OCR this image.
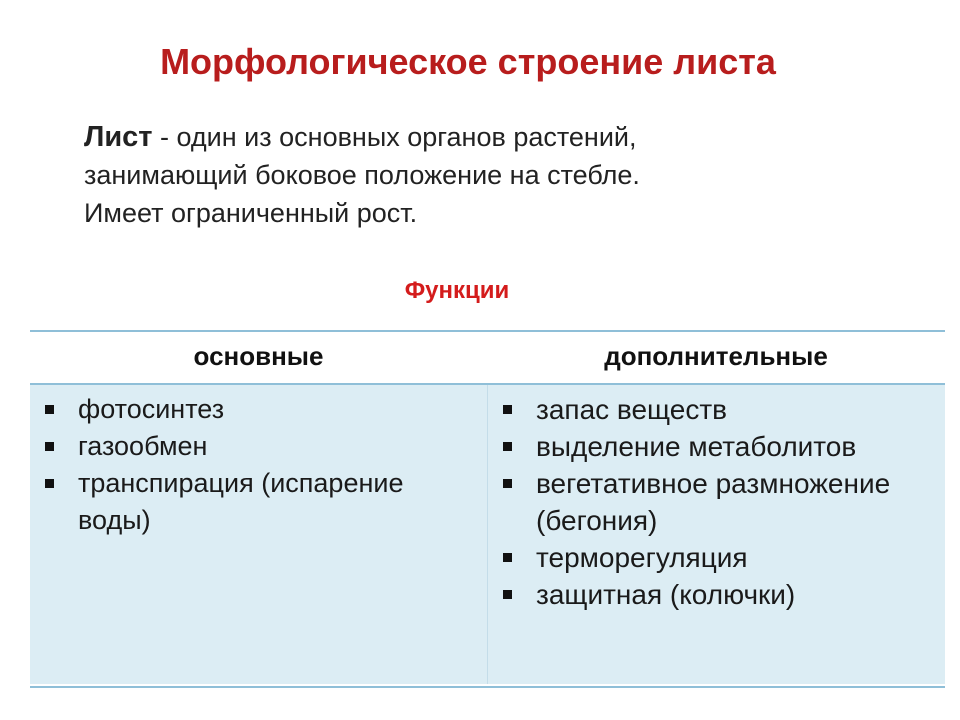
Морфологическое строение листа
Лист - один из основных органов растений,
занимающий боковое положение на стебле.
Имеет ограниченный рост.
Функции
основные	дополнительные
фотосинтез
газообмен
транспирация (испарение воды)
запас веществ
выделение метаболитов
вегетативное размножение (бегония)
терморегуляция
защитная (колючки)
